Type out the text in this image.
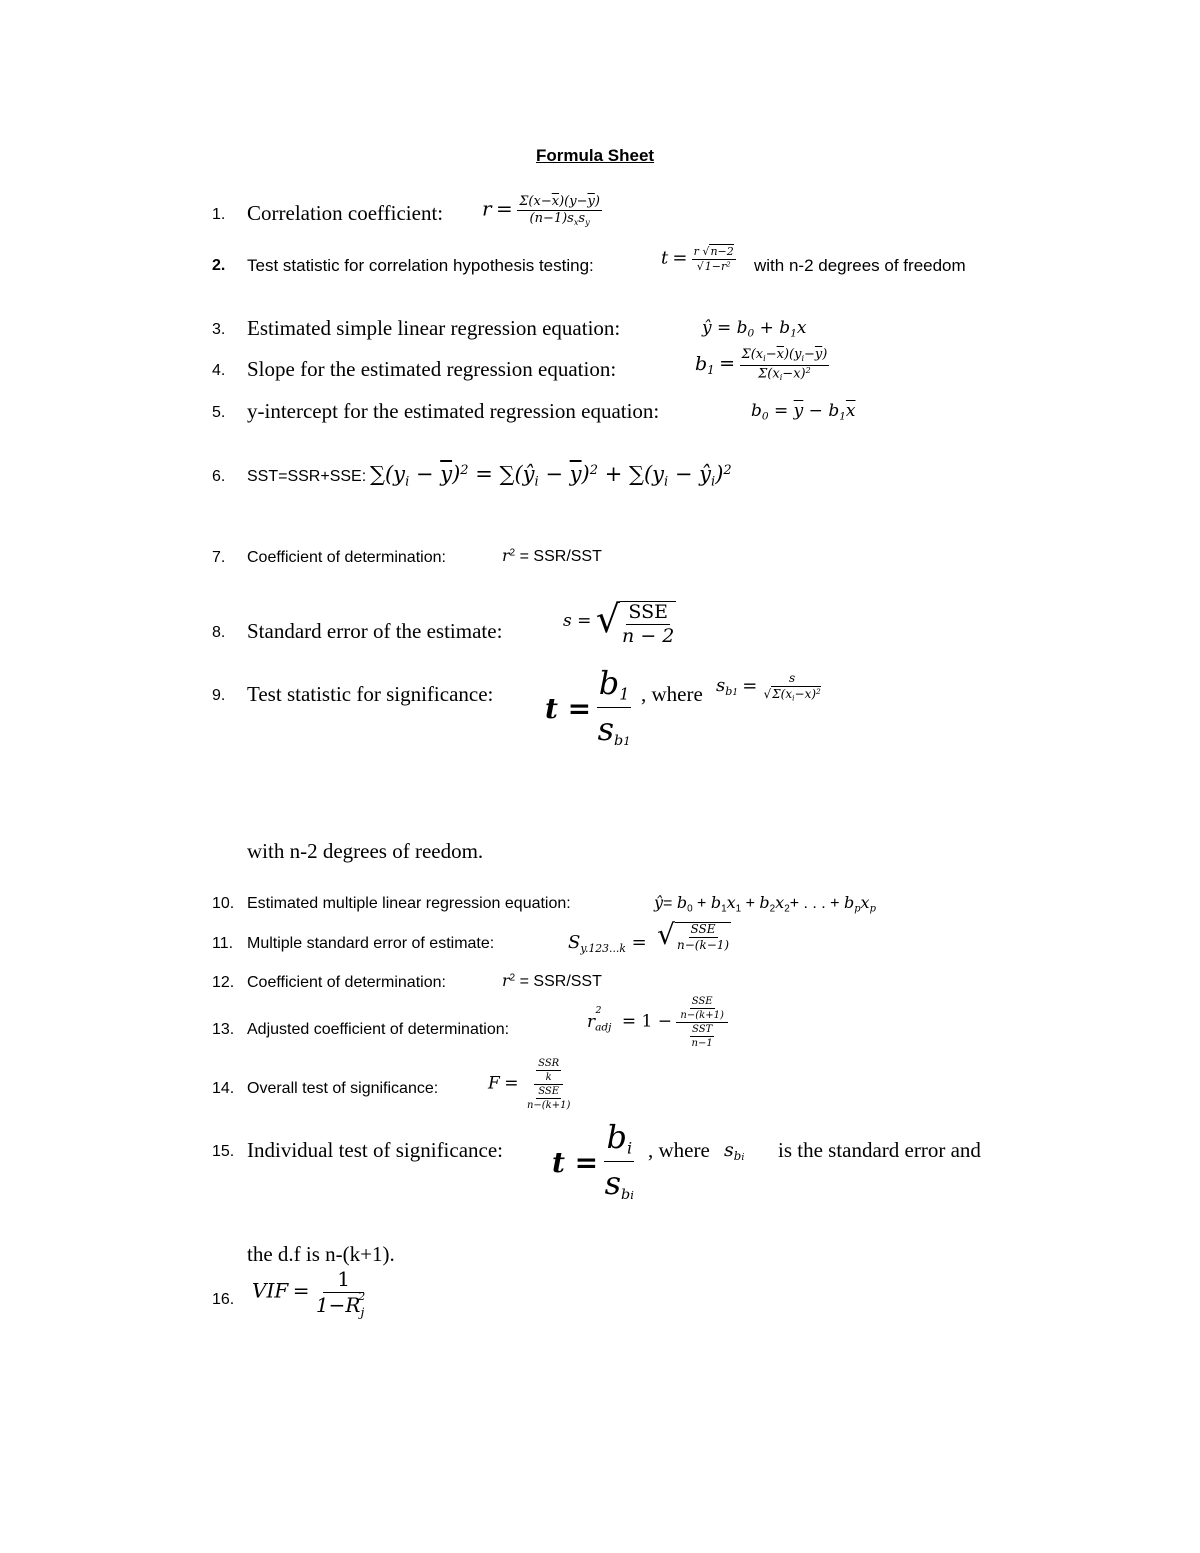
Formula Sheet
1. Correlation coefficient: $r = \frac{\Sigma(x-\overline{x})(y-\overline{y})}{(n-1)s_xs_y}$
2. Test statistic for correlation hypothesis testing:	$t = \frac{r √n-2}{√1-r^2}$ with n-2 degrees of freedom
3. Estimated simple linear regression equation:	ŷ = $b_0 + b_1x$
4. Slope for the estimated regression equation:	$b_1 = \frac{\Sigma(x_i-\overline{x})(y_i-\overline{y})}{\Sigma(x_i-\overline{x})^2}$
5. y-intercept for the estimated regression equation:	$b_0 = \overline{y} - b_1\overline{x}$
6. SST=SSR+SSE: $\sum(y_i - \overline{y})^2$ = $\sum(ŷ_i - \overline{y})^2 + \sum(y_i$ − $ŷ_i)^2$
7. Coefficient of determination:	$r^2 = SSR/SST$
8. Standard error of the estimate:	s = √ $\frac{\text{SSE}}{n - 2}$
9. Test statistic for significance: $t = \frac{b_1}{s_{b1}}$ , where $s_{b1} = \frac{s}{√\Sigma(x_i-\overline{x})^2}$
with n-2 degrees of reedom.
10. Estimated multiple linear regression equation:	ŷ= $b_0 + b_1x_1 + b_2x_2+$ . . . + $b_px_p$
11. Multiple standard error of estimate:	$S_{y.123...k}$ = √ $\frac{\text{SSE}}{n-(k-1)}$
12. Coefficient of determination:	$r^2 = SSR/SST$
13. Adjusted coefficient of determination:	$r_{adj}^2 = 1 - \frac{\frac{\text{SSE}}{n-(k+1)}}{\frac{\text{SST}}{n-1}}$
14. Overall test of significance:	$F = \frac{\frac{\text{SSR}}{k}}{\frac{\text{SSE}}{n-(k+1)}}$
15. Individual test of significance: $t = \frac{b_i}{s_{bi}}$ , where $s_{bi}$ is the standard error and
the d.f is n-(k+1).
16. VIF = $\frac{1}{1-R_j^2}$
